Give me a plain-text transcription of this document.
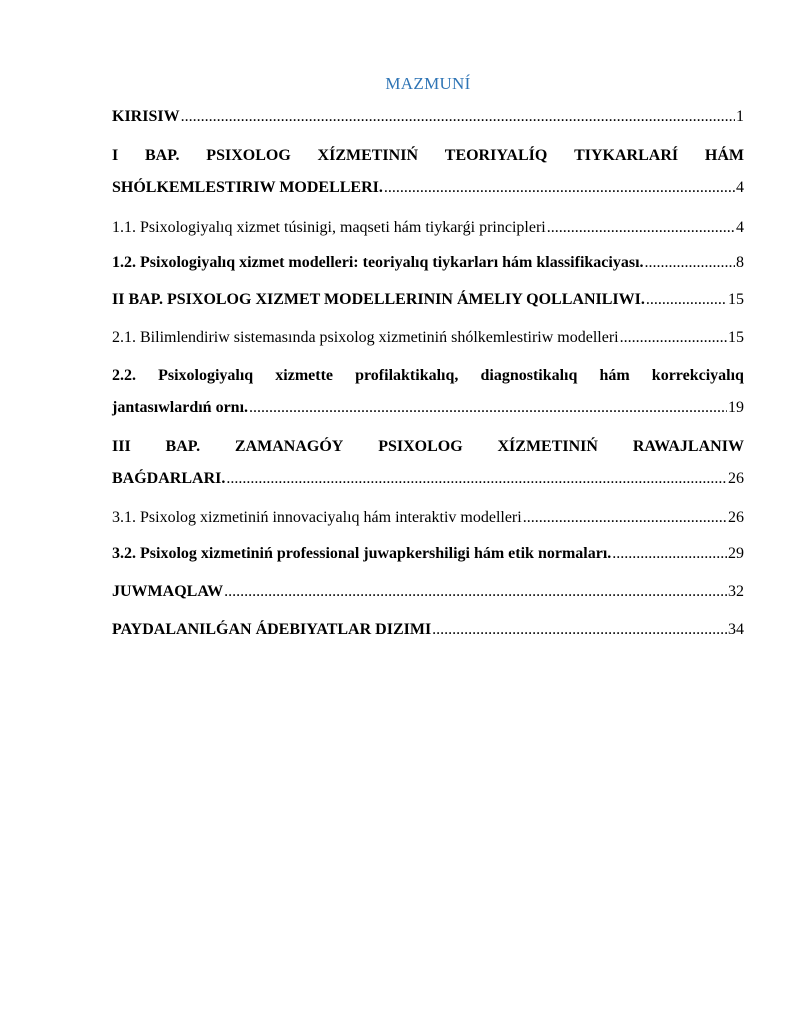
MAZMUNÍ
KIRISIW .....	1
I BAP. PSIXOLOG XÍZMETINIŃ TEORIYALÍQ TIYKARLARÍ HÁM
SHÓLKEMLESTIRIW MODELLERI. .....	4
1.1. Psixologiyalıq xizmet túsinigi, maqseti hám tiykarǵi principleri .....	4
1.2. Psixologiyalıq xizmet modelleri: teoriyalıq tiykarları hám klassifikaciyası. .....	8
II BAP. PSIXOLOG XIZMET MODELLERININ ÁMELIY QOLLANILIWI. .....	15
2.1. Bilimlendiriw sistemasında psixolog xizmetiniń shólkemlestiriw modelleri .....	15
2.2. Psixologiyalıq xizmette profilaktikalıq, diagnostikalıq hám korrekciyalıq
jantasıwlardıń ornı. .....	19
III BAP. ZAMANAGÓY PSIXOLOG XÍZMETINIŃ RAWAJLANIW
BAǴDARLARI. .....	26
3.1. Psixolog xizmetiniń innovaciyalıq hám interaktiv modelleri .....	26
3.2. Psixolog xizmetiniń professional juwapkershiligi hám etik normaları. .....	29
JUWMAQLAW .....	32
PAYDALANILǴAN ÁDEBIYATLAR DIZIMI .....	34
